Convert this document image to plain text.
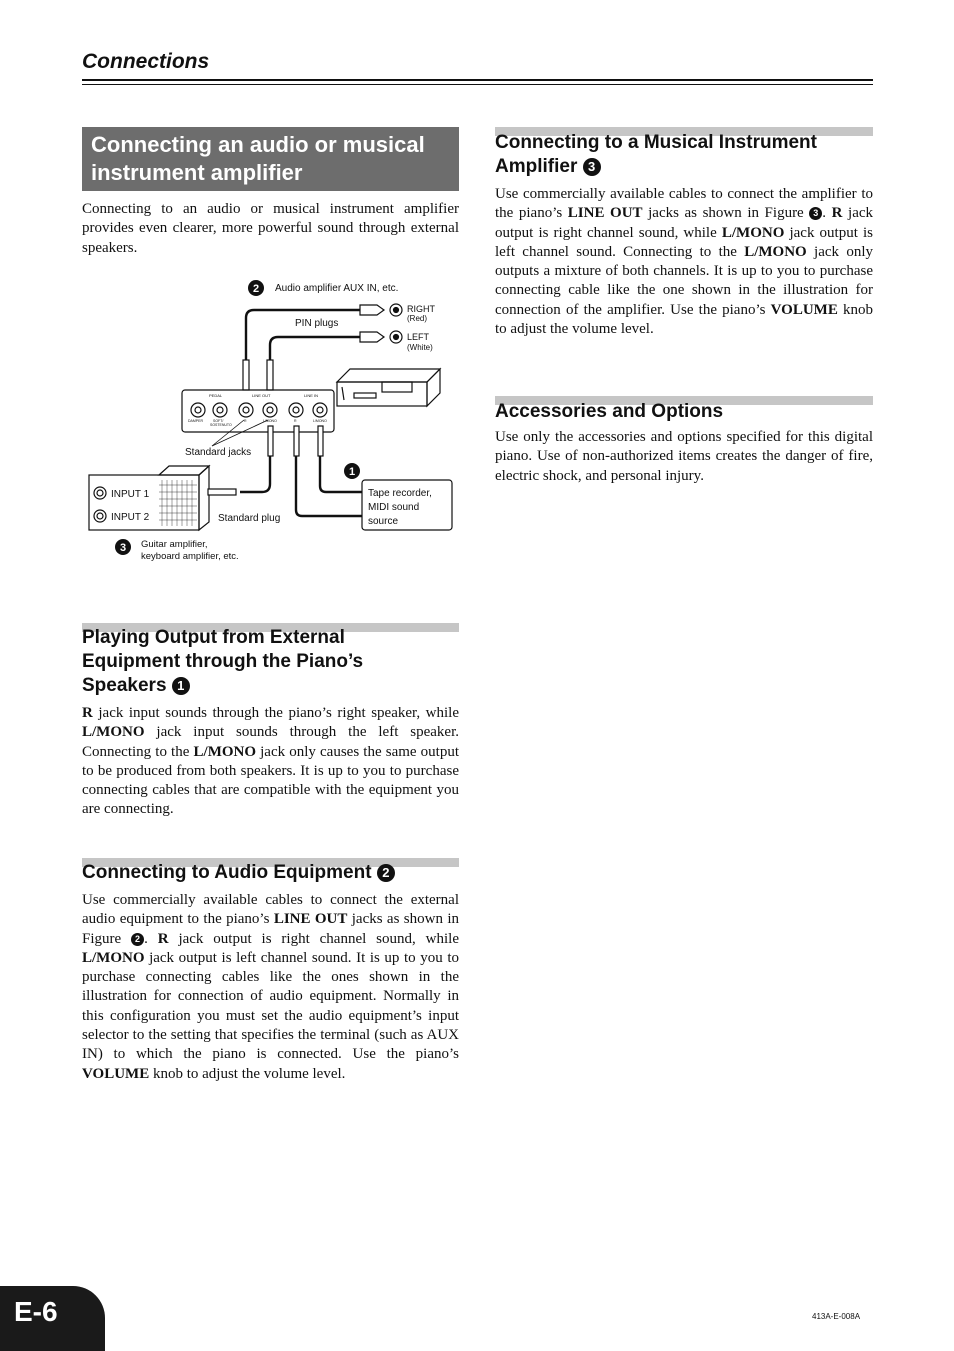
Connections
Connecting an audio or musical instrument amplifier
Connecting to an audio or musical instrument amplifier provides even clearer, more powerful sound through external speakers.
2
1
3
PEDAL	LINE OUT	LINE IN
DAMPER	SOFT/
SOSTENUTO
R	L/MONO	R	L/MONO
Audio amplifier AUX IN, etc.
PIN plugs
RIGHT
(Red)
LEFT
(White)
Standard jacks
Tape recorder,
MIDI sound
source
INPUT 1
INPUT 2	Standard plug
Guitar amplifier,
keyboard amplifier, etc.
Playing Output from External
Equipment through the Piano’s
Speakers 1
R jack input sounds through the piano’s right speaker, while L/MONO jack input sounds through the left speaker. Connecting to the L/MONO jack only causes the same output to be produced from both speakers. It is up to you to purchase connecting cables that are compatible with the equipment you are connecting.
Connecting to Audio Equipment 2
Use commercially available cables to connect the external audio equipment to the piano’s LINE OUT jacks as shown in Figure 2 . R jack output is right channel sound, while L/MONO jack output is left channel sound. It is up to you to purchase connecting cables like the ones shown in the illustration for connection of audio equipment. Normally in this configuration you must set the audio equipment’s input selector to the setting that specifies the terminal (such as AUX IN) to which the piano is connected. Use the piano’s VOLUME knob to adjust the volume level.
Connecting to a Musical Instrument
Amplifier 3
Use commercially available cables to connect the amplifier to the piano’s LINE OUT jacks as shown in Figure 3 . R jack output is right channel sound, while L/MONO jack output is left channel sound. Connecting to the L/MONO jack only outputs a mixture of both channels. It is up to you to purchase connecting cable like the one shown in the illustration for connection of the amplifier. Use the piano’s VOLUME knob to adjust the volume level.
Accessories and Options
Use only the accessories and options specified for this digital piano. Use of non-authorized items creates the danger of fire, electric shock, and personal injury.
E-6	413A-E-008A
